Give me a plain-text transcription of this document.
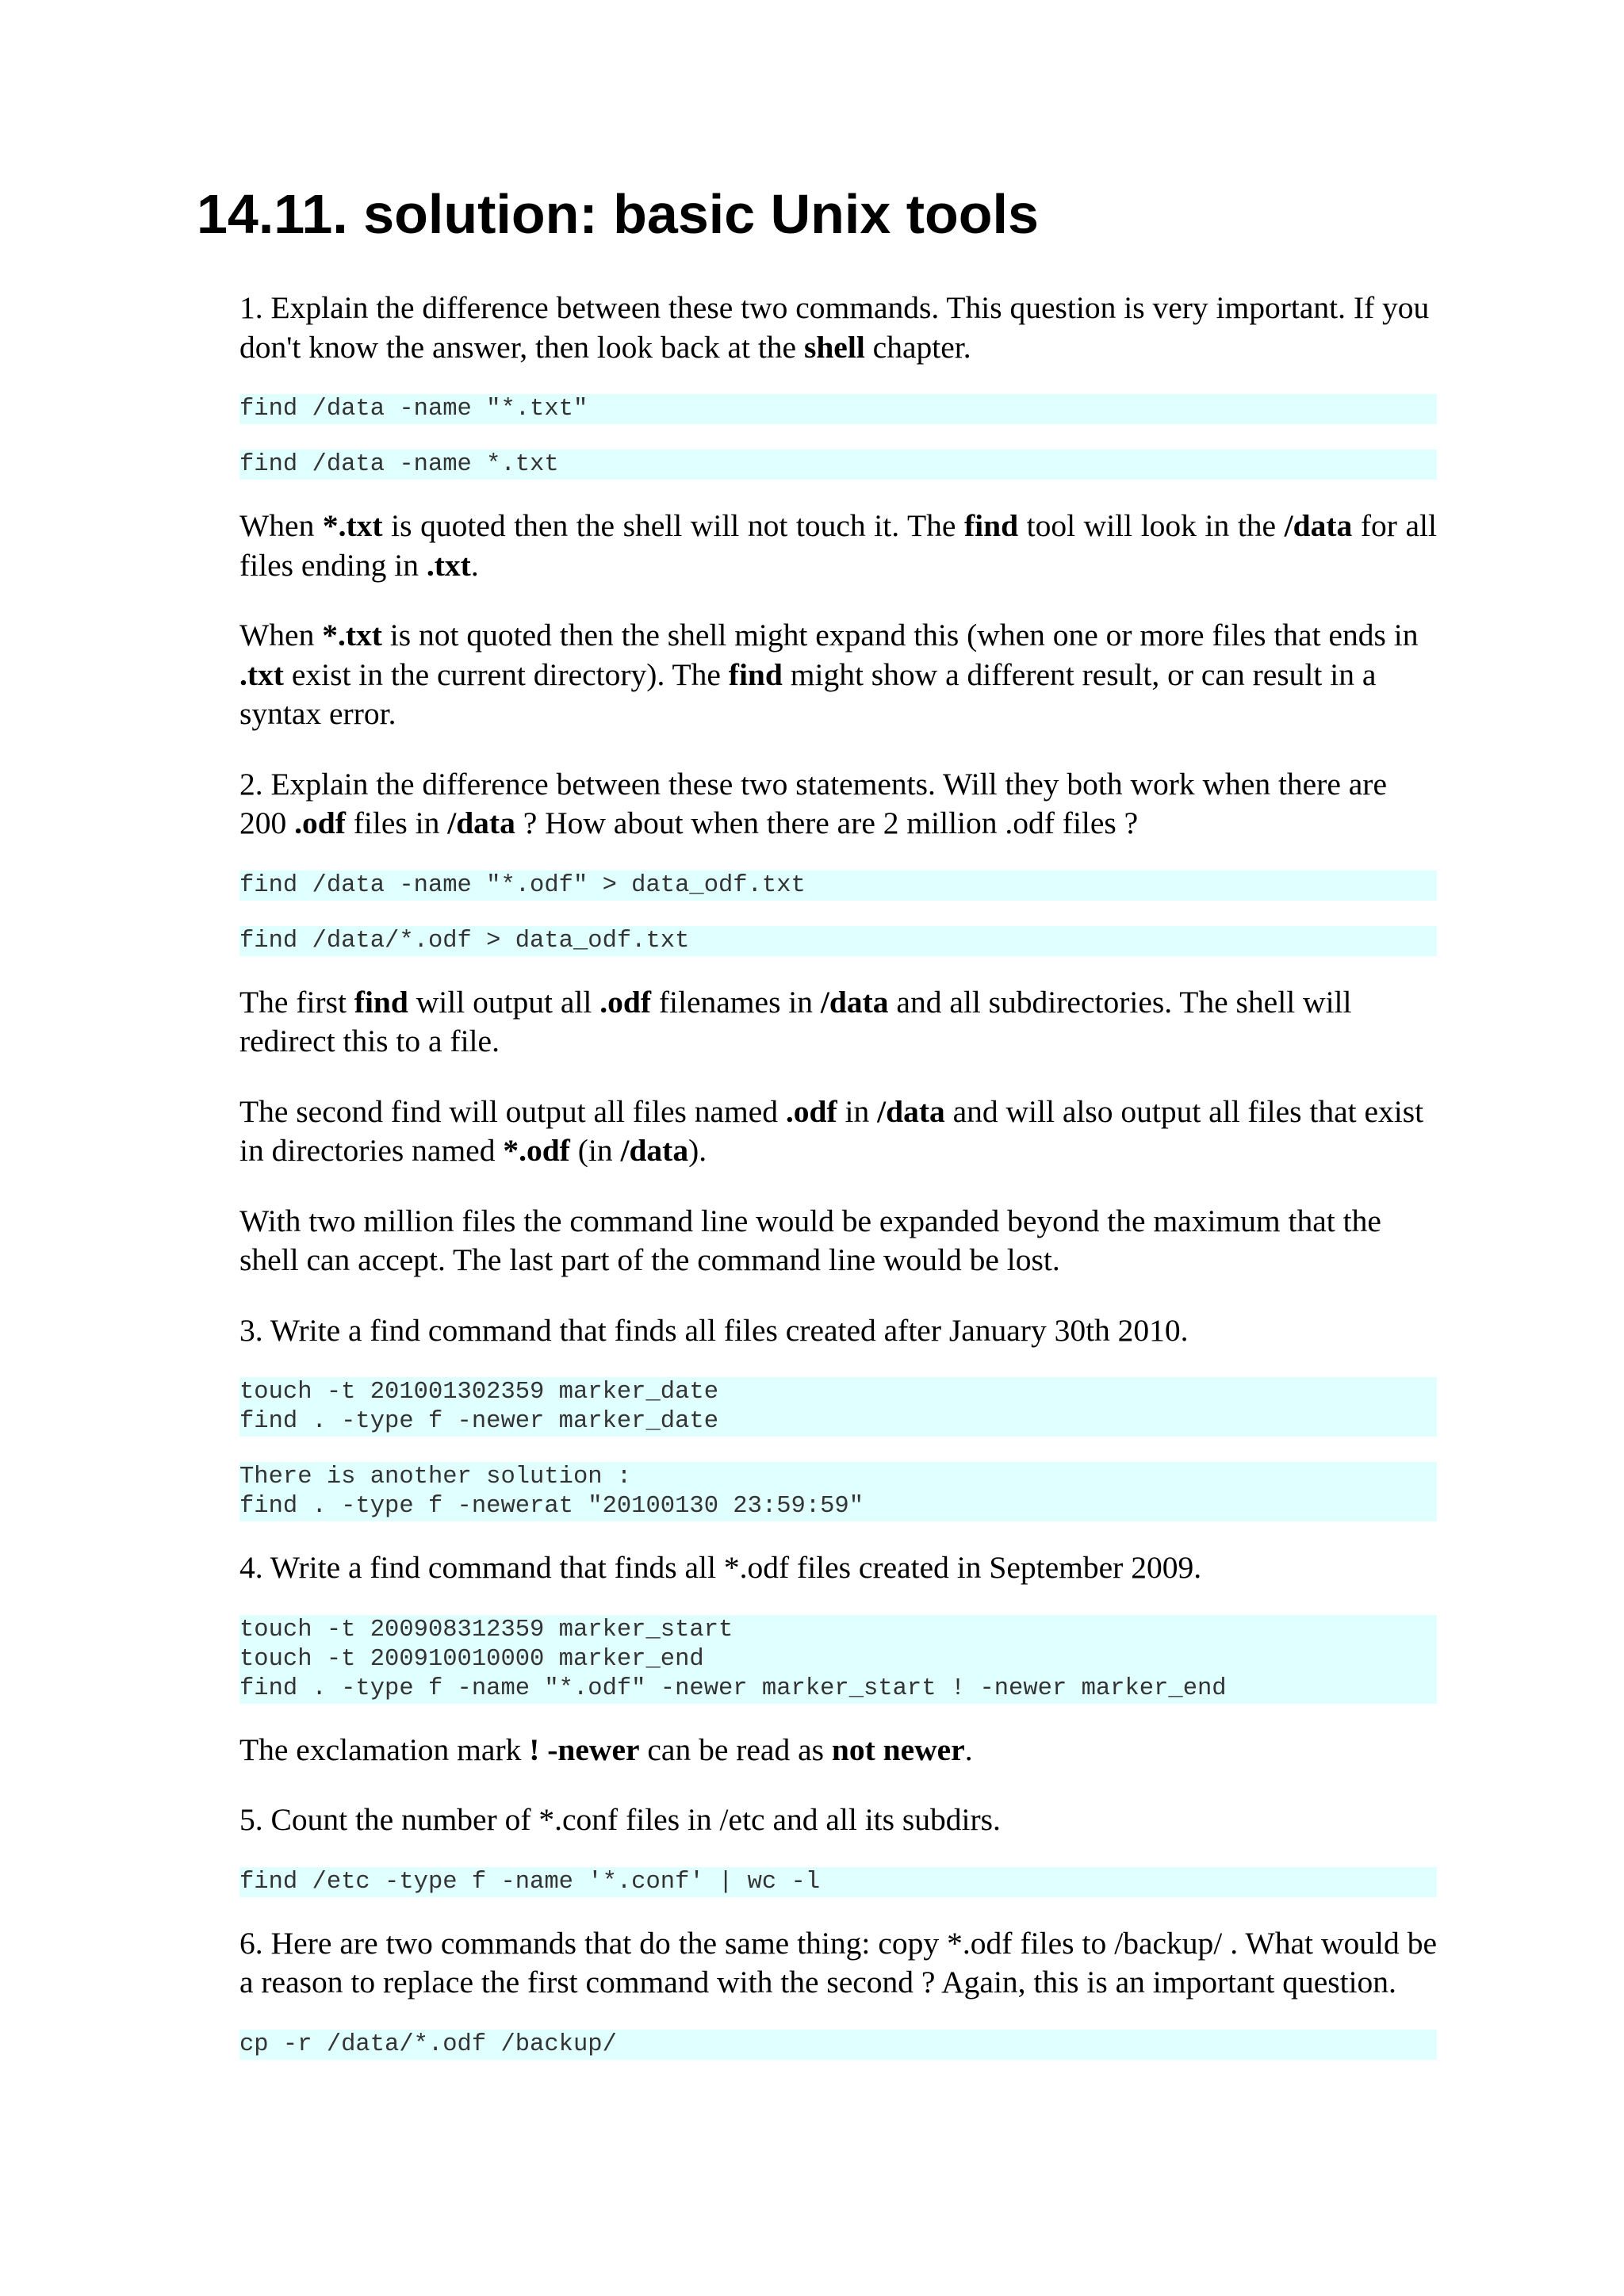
14.11. solution: basic Unix tools

1. Explain the difference between these two commands. This question is very important. If you don't know the answer, then look back at the shell chapter.

find /data -name "*.txt"
find /data -name *.txt

When *.txt is quoted then the shell will not touch it. The find tool will look in the /data for all files ending in .txt.

When *.txt is not quoted then the shell might expand this (when one or more files that ends in .txt exist in the current directory). The find might show a different result, or can result in a syntax error.

2. Explain the difference between these two statements. Will they both work when there are 200 .odf files in /data ? How about when there are 2 million .odf files ?

find /data -name "*.odf" > data_odf.txt
find /data/*.odf > data_odf.txt

The first find will output all .odf filenames in /data and all subdirectories. The shell will redirect this to a file.

The second find will output all files named .odf in /data and will also output all files that exist in directories named *.odf (in /data).

With two million files the command line would be expanded beyond the maximum that the shell can accept. The last part of the command line would be lost.

3. Write a find command that finds all files created after January 30th 2010.

touch -t 201001302359 marker_date
find . -type f -newer marker_date
There is another solution :
find . -type f -newerat "20100130 23:59:59"

4. Write a find command that finds all *.odf files created in September 2009.

touch -t 200908312359 marker_start
touch -t 200910010000 marker_end
find . -type f -name "*.odf" -newer marker_start ! -newer marker_end

The exclamation mark ! -newer can be read as not newer.

5. Count the number of *.conf files in /etc and all its subdirs.

find /etc -type f -name '*.conf' | wc -l

6. Here are two commands that do the same thing: copy *.odf files to /backup/ . What would be a reason to replace the first command with the second ? Again, this is an important question.

cp -r /data/*.odf /backup/
